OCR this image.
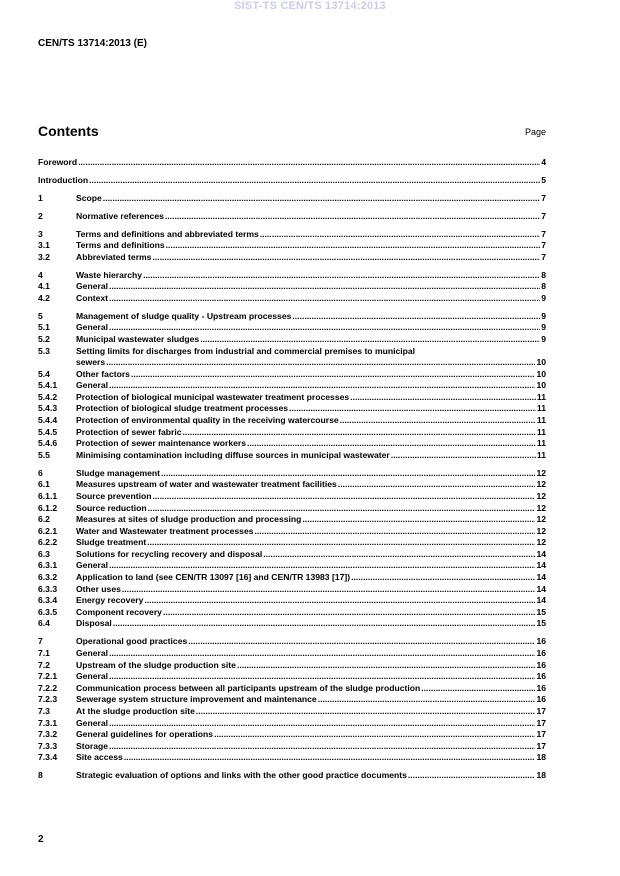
SIST-TS CEN/TS 13714:2013
CEN/TS 13714:2013 (E)
Contents	Page
Foreword .....	4
Introduction .....	5
1	Scope .....	7
2	Normative references .....	7
3	Terms and definitions and abbreviated terms .....	7
3.1	Terms and definitions .....	7
3.2	Abbreviated terms .....	7
4	Waste hierarchy .....	8
4.1	General .....	8
4.2	Context .....	9
5	Management of sludge quality - Upstream processes .....	9
5.1	General .....	9
5.2	Municipal wastewater sludges .....	9
5.3	Setting limits for discharges from industrial and commercial premises to municipal
sewers .....	10
5.4	Other factors .....	10
5.4.1	General .....	10
5.4.2	Protection of biological municipal wastewater treatment processes .....	11
5.4.3	Protection of biological sludge treatment processes .....	11
5.4.4	Protection of environmental quality in the receiving watercourse .....	11
5.4.5	Protection of sewer fabric .....	11
5.4.6	Protection of sewer maintenance workers .....	11
5.5	Minimising contamination including diffuse sources in municipal wastewater .....	11
6	Sludge management .....	12
6.1	Measures upstream of water and wastewater treatment facilities .....	12
6.1.1	Source prevention .....	12
6.1.2	Source reduction .....	12
6.2	Measures at sites of sludge production and processing .....	12
6.2.1	Water and Wastewater treatment processes .....	12
6.2.2	Sludge treatment .....	12
6.3	Solutions for recycling recovery and disposal .....	14
6.3.1	General .....	14
6.3.2	Application to land (see CEN/TR 13097 [16] and CEN/TR 13983 [17]) .....	14
6.3.3	Other uses .....	14
6.3.4	Energy recovery .....	14
6.3.5	Component recovery .....	15
6.4	Disposal .....	15
7	Operational good practices .....	16
7.1	General .....	16
7.2	Upstream of the sludge production site .....	16
7.2.1	General .....	16
7.2.2	Communication process between all participants upstream of the sludge production .....	16
7.2.3	Sewerage system structure improvement and maintenance .....	16
7.3	At the sludge production site .....	17
7.3.1	General .....	17
7.3.2	General guidelines for operations .....	17
7.3.3	Storage .....	17
7.3.4	Site access .....	18
8	Strategic evaluation of options and links with the other good practice documents .....	18
2
